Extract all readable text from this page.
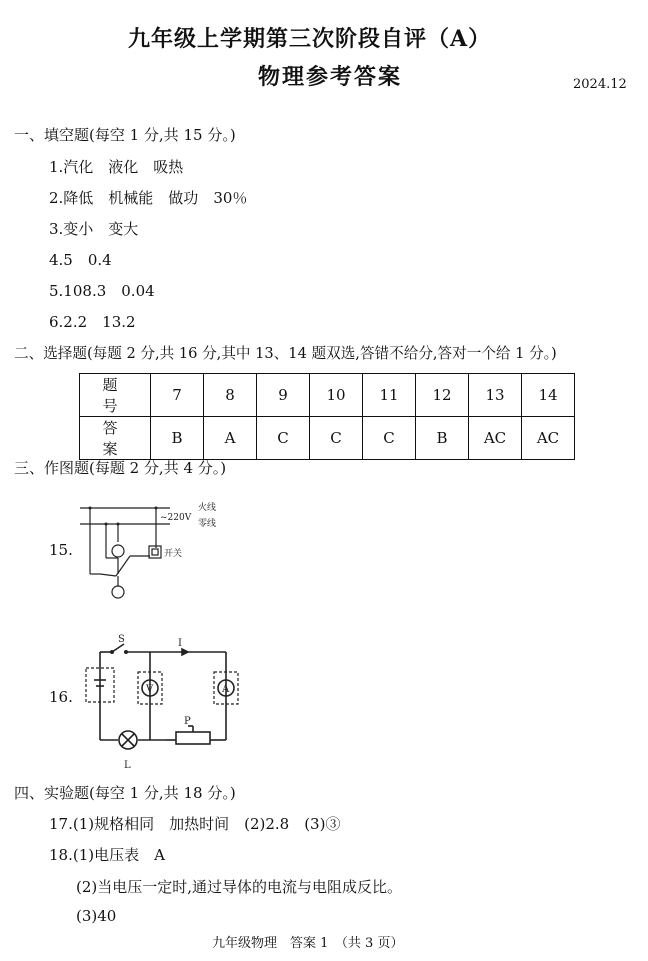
九年级上学期第三次阶段自评（A）
物理参考答案	2024.12
一、填空题(每空 1 分,共 15 分。)
1.汽化　液化　吸热
2.降低　机械能　做功　30％
3.变小　变大
4.5　0.4
5.108.3　0.04
6.2.2　13.2
二、选择题(每题 2 分,共 16 分,其中 13、14 题双选,答错不给分,答对一个给 1 分。)
题　号	7	8	9	10	11	12	13	14
答　案	B	A	C	C	C	B	AC	AC
三、作图题(每题 2 分,共 4 分。)
15.
火线
零线
~220V
开关
16.
S	I
V	A
P
L
四、实验题(每空 1 分,共 18 分。)
17.(1)规格相同　加热时间　(2)2.8　(3)③
18.(1)电压表　A
(2)当电压一定时,通过导体的电流与电阻成反比。
(3)40
九年级物理　答案 1　（共 3 页）
